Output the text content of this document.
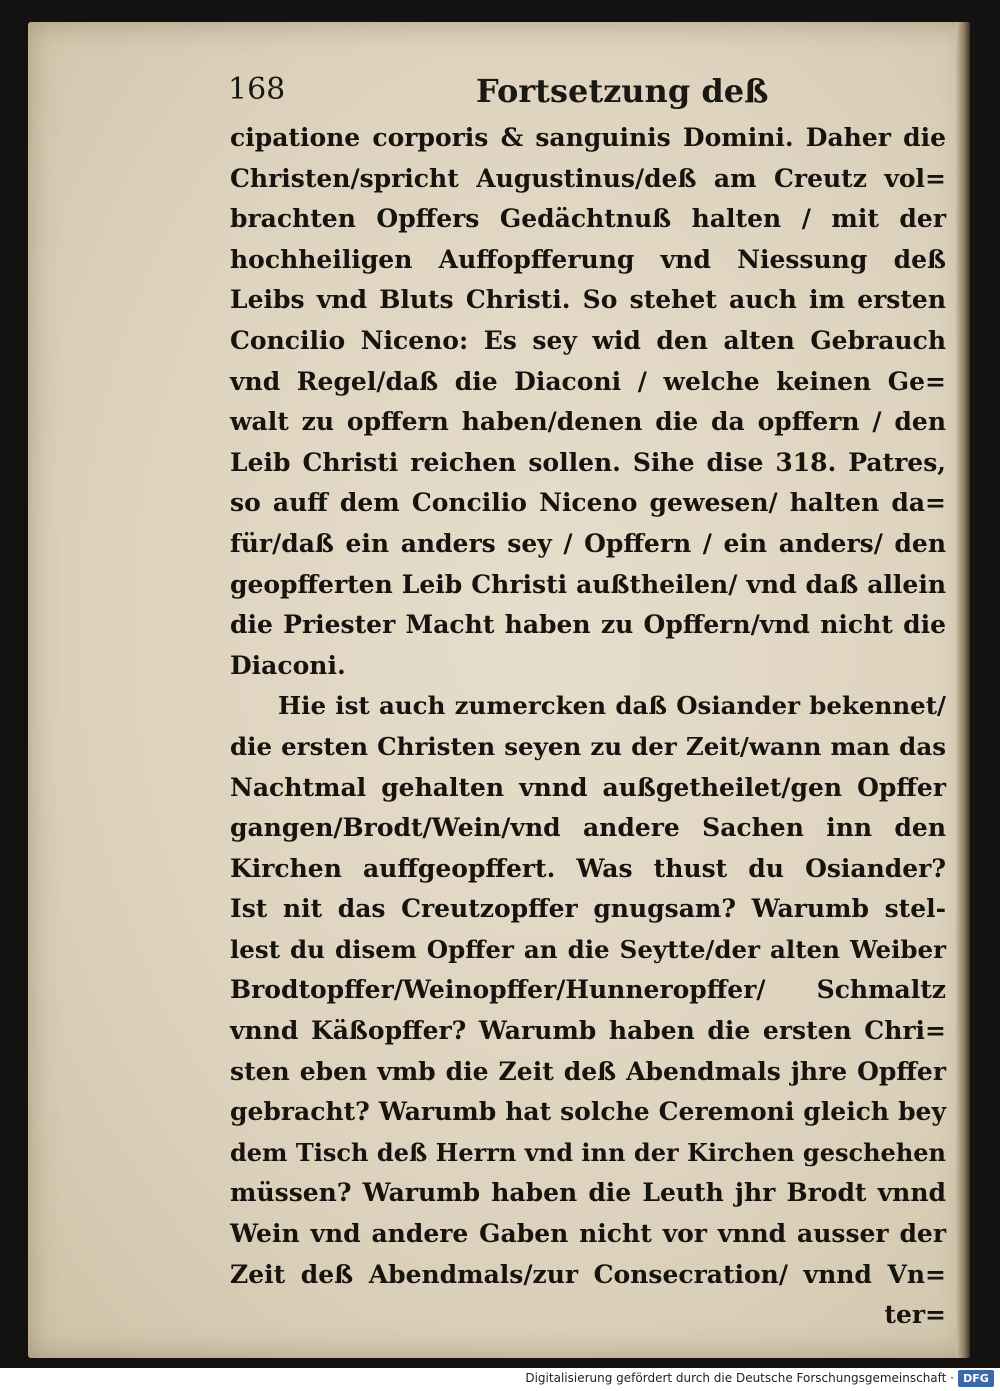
168	Fortsetzung deß

cipatione corporis & sanguinis Domini. Daher die

Christen/spricht Augustinus/deß am Creutz vol=

brachten Opffers Gedächtnuß halten / mit der

hochheiligen Auffopfferung vnd Niessung deß

Leibs vnd Bluts Christi. So stehet auch im ersten

Concilio Niceno: Es sey wid den alten Gebrauch

vnd Regel/daß die Diaconi / welche keinen Ge=

walt zu opffern haben/denen die da opffern / den

Leib Christi reichen sollen. Sihe dise 318. Patres,

so auff dem Concilio Niceno gewesen/ halten da=

für/daß ein anders sey / Opffern / ein anders/ den

geopfferten Leib Christi außtheilen/ vnd daß allein

die Priester Macht haben zu Opffern/vnd nicht die

Diaconi.

Hie ist auch zumercken daß Osiander bekennet/

die ersten Christen seyen zu der Zeit/wann man das

Nachtmal gehalten vnnd außgetheilet/gen Opffer

gangen/Brodt/Wein/vnd andere Sachen inn den

Kirchen auffgeopffert. Was thust du Osiander?

Ist nit das Creutzopffer gnugsam? Warumb stel-

lest du disem Opffer an die Seytte/der alten Weiber

Brodtopffer/Weinopffer/Hunneropffer/ Schmaltz

vnnd Käßopffer? Warumb haben die ersten Chri=

sten eben vmb die Zeit deß Abendmals jhre Opffer

gebracht? Warumb hat solche Ceremoni gleich bey

dem Tisch deß Herrn vnd inn der Kirchen geschehen

müssen? Warumb haben die Leuth jhr Brodt vnnd

Wein vnd andere Gaben nicht vor vnnd ausser der

Zeit deß Abendmals/zur Consecration/ vnnd Vn=

ter=

Digitalisierung gefördert durch die Deutsche Forschungsgemeinschaft · DFG
